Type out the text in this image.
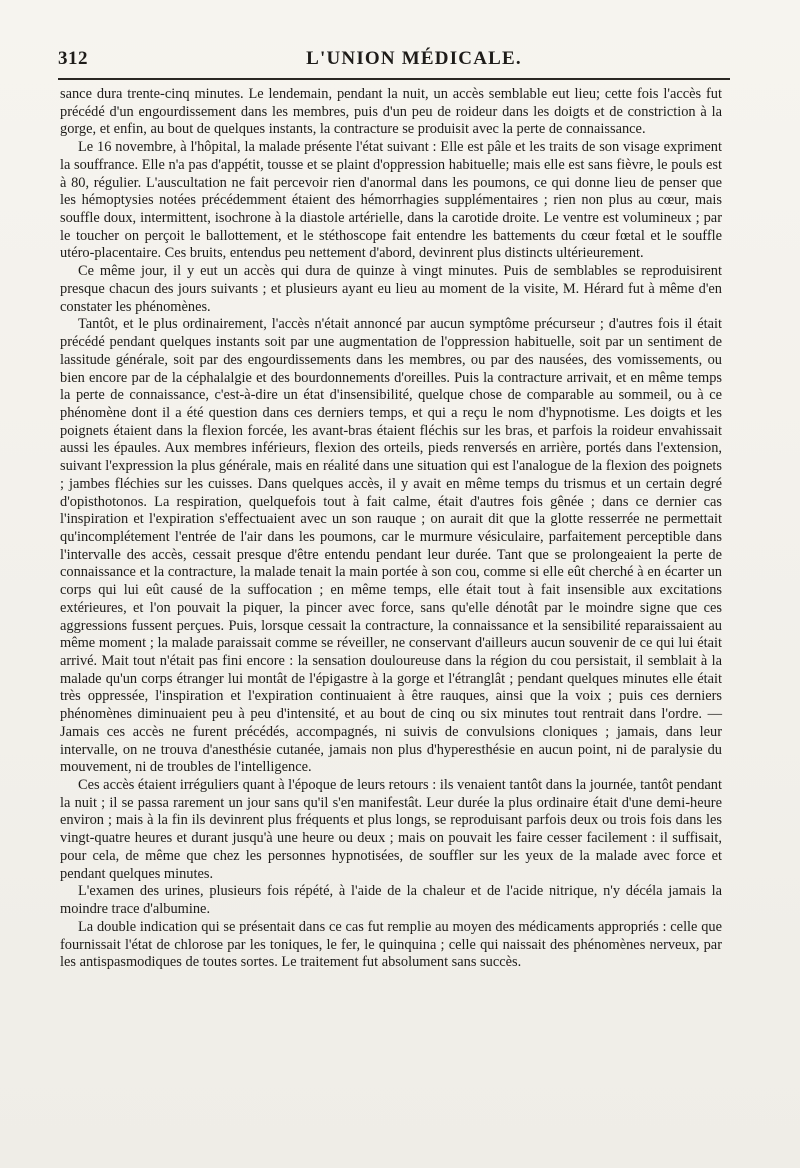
312	L'UNION MÉDICALE.

sance dura trente-cinq minutes. Le lendemain, pendant la nuit, un accès semblable eut lieu; cette fois l'accès fut précédé d'un engourdissement dans les membres, puis d'un peu de roideur dans les doigts et de constriction à la gorge, et enfin, au bout de quelques instants, la contracture se produisit avec la perte de connaissance.

Le 16 novembre, à l'hôpital, la malade présente l'état suivant : Elle est pâle et les traits de son visage expriment la souffrance. Elle n'a pas d'appétit, tousse et se plaint d'oppression habituelle; mais elle est sans fièvre, le pouls est à 80, régulier. L'auscultation ne fait percevoir rien d'anormal dans les poumons, ce qui donne lieu de penser que les hémoptysies notées précédemment étaient des hémorrhagies supplémentaires ; rien non plus au cœur, mais souffle doux, intermittent, isochrone à la diastole artérielle, dans la carotide droite. Le ventre est volumineux ; par le toucher on perçoit le ballottement, et le stéthoscope fait entendre les battements du cœur fœtal et le souffle utéro-placentaire. Ces bruits, entendus peu nettement d'abord, devinrent plus distincts ultérieurement.

Ce même jour, il y eut un accès qui dura de quinze à vingt minutes. Puis de semblables se reproduisirent presque chacun des jours suivants ; et plusieurs ayant eu lieu au moment de la visite, M. Hérard fut à même d'en constater les phénomènes.

Tantôt, et le plus ordinairement, l'accès n'était annoncé par aucun symptôme précurseur ; d'autres fois il était précédé pendant quelques instants soit par une augmentation de l'oppression habituelle, soit par un sentiment de lassitude générale, soit par des engourdissements dans les membres, ou par des nausées, des vomissements, ou bien encore par de la céphalalgie et des bourdonnements d'oreilles. Puis la contracture arrivait, et en même temps la perte de connaissance, c'est-à-dire un état d'insensibilité, quelque chose de comparable au sommeil, ou à ce phénomène dont il a été question dans ces derniers temps, et qui a reçu le nom d'hypnotisme. Les doigts et les poignets étaient dans la flexion forcée, les avant-bras étaient fléchis sur les bras, et parfois la roideur envahissait aussi les épaules. Aux membres inférieurs, flexion des orteils, pieds renversés en arrière, portés dans l'extension, suivant l'expression la plus générale, mais en réalité dans une situation qui est l'analogue de la flexion des poignets ; jambes fléchies sur les cuisses. Dans quelques accès, il y avait en même temps du trismus et un certain degré d'opisthotonos. La respiration, quelquefois tout à fait calme, était d'autres fois gênée ; dans ce dernier cas l'inspiration et l'expiration s'effectuaient avec un son rauque ; on aurait dit que la glotte resserrée ne permettait qu'incomplétement l'entrée de l'air dans les poumons, car le murmure vésiculaire, parfaitement perceptible dans l'intervalle des accès, cessait presque d'être entendu pendant leur durée. Tant que se prolongeaient la perte de connaissance et la contracture, la malade tenait la main portée à son cou, comme si elle eût cherché à en écarter un corps qui lui eût causé de la suffocation ; en même temps, elle était tout à fait insensible aux excitations extérieures, et l'on pouvait la piquer, la pincer avec force, sans qu'elle dénotât par le moindre signe que ces aggressions fussent perçues. Puis, lorsque cessait la contracture, la connaissance et la sensibilité reparaissaient au même moment ; la malade paraissait comme se réveiller, ne conservant d'ailleurs aucun souvenir de ce qui lui était arrivé. Mait tout n'était pas fini encore : la sensation douloureuse dans la région du cou persistait, il semblait à la malade qu'un corps étranger lui montât de l'épigastre à la gorge et l'étranglât ; pendant quelques minutes elle était très oppressée, l'inspiration et l'expiration continuaient à être rauques, ainsi que la voix ; puis ces derniers phénomènes diminuaient peu à peu d'intensité, et au bout de cinq ou six minutes tout rentrait dans l'ordre. — Jamais ces accès ne furent précédés, accompagnés, ni suivis de convulsions cloniques ; jamais, dans leur intervalle, on ne trouva d'anesthésie cutanée, jamais non plus d'hyperesthésie en aucun point, ni de paralysie du mouvement, ni de troubles de l'intelligence.

Ces accès étaient irréguliers quant à l'époque de leurs retours : ils venaient tantôt dans la journée, tantôt pendant la nuit ; il se passa rarement un jour sans qu'il s'en manifestât. Leur durée la plus ordinaire était d'une demi-heure environ ; mais à la fin ils devinrent plus fréquents et plus longs, se reproduisant parfois deux ou trois fois dans les vingt-quatre heures et durant jusqu'à une heure ou deux ; mais on pouvait les faire cesser facilement : il suffisait, pour cela, de même que chez les personnes hypnotisées, de souffler sur les yeux de la malade avec force et pendant quelques minutes.

L'examen des urines, plusieurs fois répété, à l'aide de la chaleur et de l'acide nitrique, n'y décéla jamais la moindre trace d'albumine.

La double indication qui se présentait dans ce cas fut remplie au moyen des médicaments appropriés : celle que fournissait l'état de chlorose par les toniques, le fer, le quinquina ; celle qui naissait des phénomènes nerveux, par les antispasmodiques de toutes sortes. Le traitement fut absolument sans succès.
